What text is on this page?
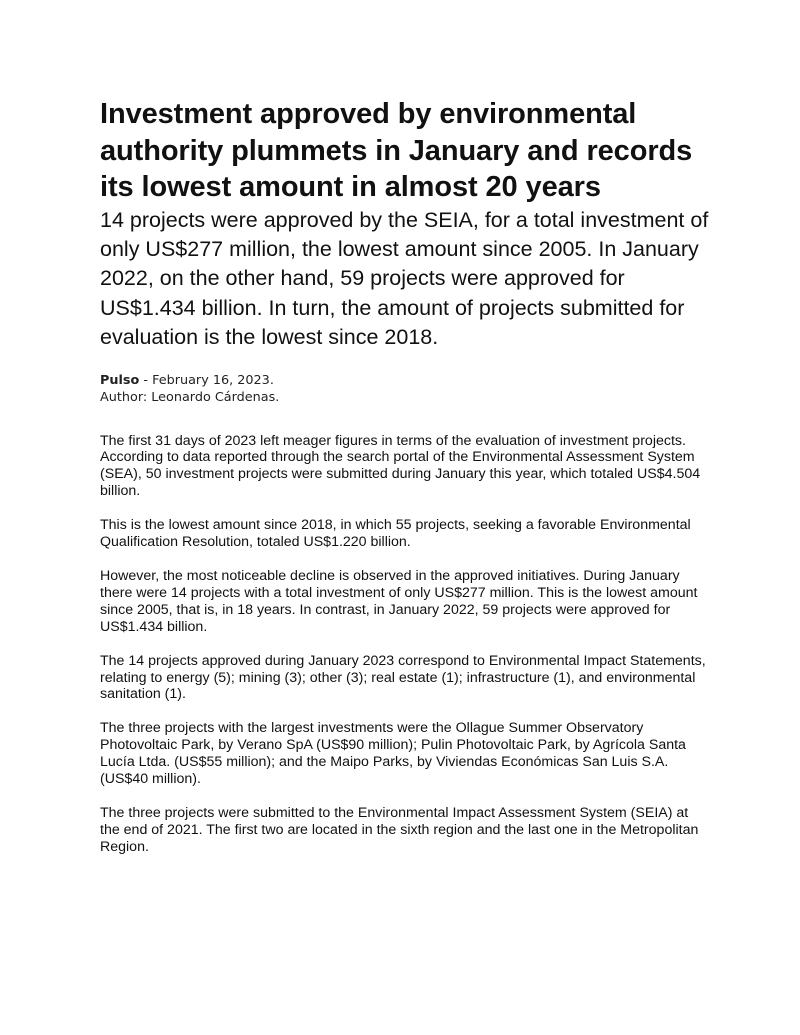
Investment approved by environmental authority plummets in January and records its lowest amount in almost 20 years

14 projects were approved by the SEIA, for a total investment of only US$277 million, the lowest amount since 2005. In January 2022, on the other hand, 59 projects were approved for US$1.434 billion. In turn, the amount of projects submitted for evaluation is the lowest since 2018.

Pulso - February 16, 2023.
Author: Leonardo Cárdenas.

The first 31 days of 2023 left meager figures in terms of the evaluation of investment projects. According to data reported through the search portal of the Environmental Assessment System (SEA), 50 investment projects were submitted during January this year, which totaled US$4.504 billion.

This is the lowest amount since 2018, in which 55 projects, seeking a favorable Environmental Qualification Resolution, totaled US$1.220 billion.

However, the most noticeable decline is observed in the approved initiatives. During January there were 14 projects with a total investment of only US$277 million. This is the lowest amount since 2005, that is, in 18 years. In contrast, in January 2022, 59 projects were approved for US$1.434 billion.

The 14 projects approved during January 2023 correspond to Environmental Impact Statements, relating to energy (5); mining (3); other (3); real estate (1); infrastructure (1), and environmental sanitation (1).

The three projects with the largest investments were the Ollague Summer Observatory Photovoltaic Park, by Verano SpA (US$90 million); Pulin Photovoltaic Park, by Agrícola Santa Lucía Ltda. (US$55 million); and the Maipo Parks, by Viviendas Económicas San Luis S.A. (US$40 million).

The three projects were submitted to the Environmental Impact Assessment System (SEIA) at the end of 2021. The first two are located in the sixth region and the last one in the Metropolitan Region.
